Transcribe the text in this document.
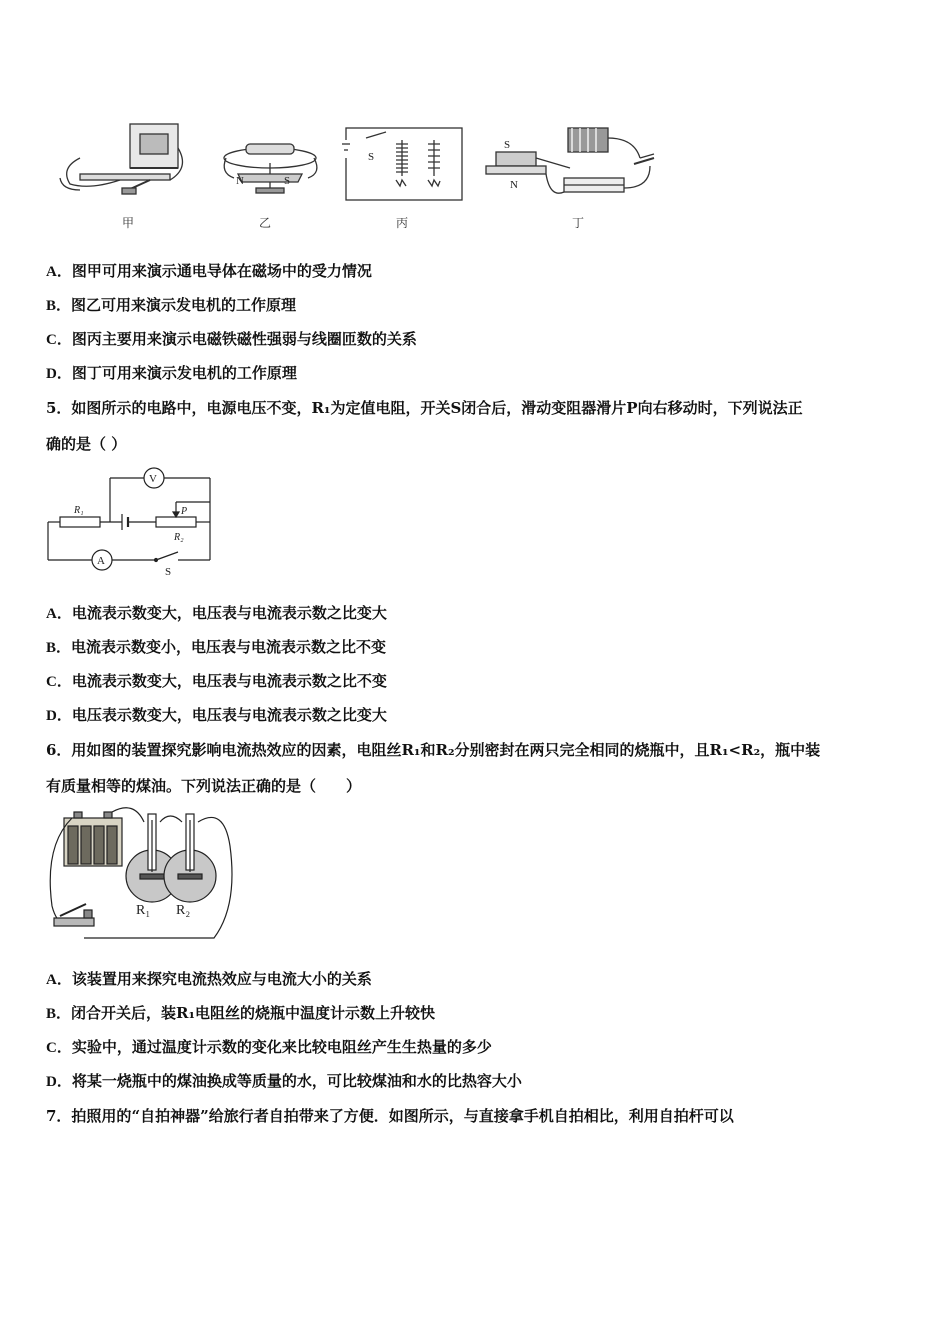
N	S
S
S
N
甲	乙	丙	丁
A．图甲可用来演示通电导体在磁场中的受力情况
B．图乙可用来演示发电机的工作原理
C．图丙主要用来演示电磁铁磁性强弱与线圈匝数的关系
D．图丁可用来演示发电机的工作原理
5．如图所示的电路中，电源电压不变，R₁为定值电阻，开关S闭合后，滑动变阻器滑片P向右移动时，下列说法正
确的是（ ）
V
A
R₁
R₂
P
S
A．电流表示数变大，电压表与电流表示数之比变大
B．电流表示数变小，电压表与电流表示数之比不变
C．电流表示数变大，电压表与电流表示数之比不变
D．电压表示数变大，电压表与电流表示数之比变大
6．用如图的装置探究影响电流热效应的因素，电阻丝R₁和R₂分别密封在两只完全相同的烧瓶中，且R₁<R₂，瓶中装
有质量相等的煤油。下列说法正确的是（　　）
R₁ R₂
A．该装置用来探究电流热效应与电流大小的关系
B．闭合开关后，装R₁电阻丝的烧瓶中温度计示数上升较快
C．实验中，通过温度计示数的变化来比较电阻丝产生生热量的多少
D．将某一烧瓶中的煤油换成等质量的水，可比较煤油和水的比热容大小
7．拍照用的“自拍神器”给旅行者自拍带来了方便．如图所示，与直接拿手机自拍相比，利用自拍杆可以
